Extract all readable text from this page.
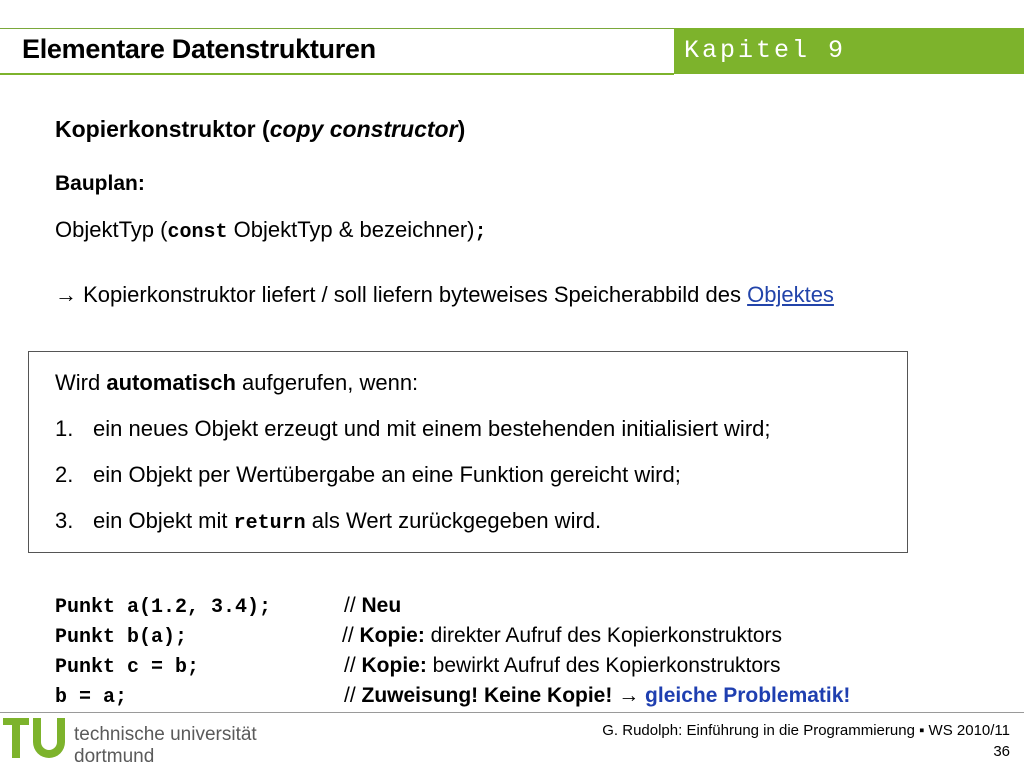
Elementare Datenstrukturen	Kapitel 9
Kopierkonstruktor (copy constructor)
Bauplan:
ObjektTyp (const ObjektTyp & bezeichner);
→ Kopierkonstruktor liefert / soll liefern byteweises Speicherabbild des Objektes
Wird automatisch aufgerufen, wenn:
1. ein neues Objekt erzeugt und mit einem bestehenden initialisiert wird;
2. ein Objekt per Wertübergabe an eine Funktion gereicht wird;
3. ein Objekt mit return als Wert zurückgegeben wird.
Punkt a(1.2, 3.4);	// Neu
Punkt b(a);	// Kopie: direkter Aufruf des Kopierkonstruktors
Punkt c = b;	// Kopie: bewirkt Aufruf des Kopierkonstruktors
b = a;	// Zuweisung! Keine Kopie! → gleiche Problematik!
technische universität
dortmund
G. Rudolph: Einführung in die Programmierung ▪ WS 2010/11
36
